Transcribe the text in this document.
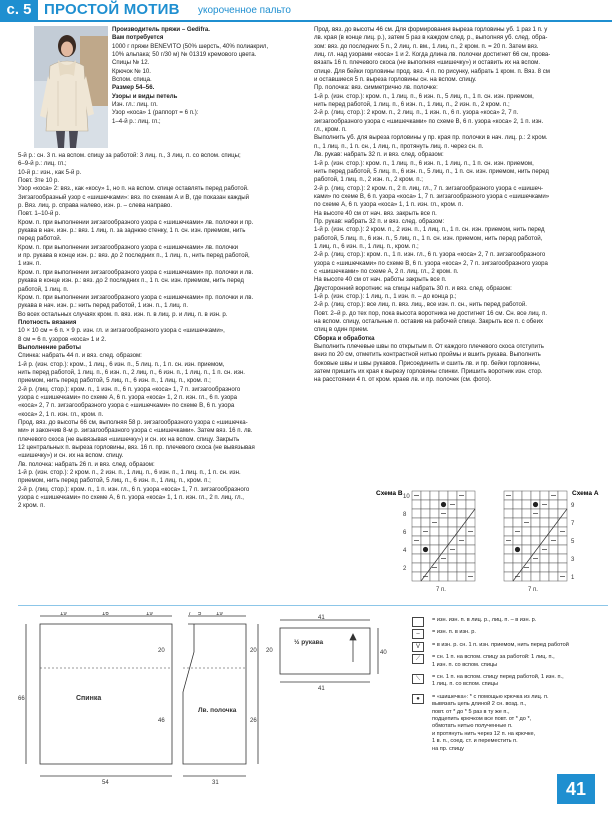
с. 5 ПРОСТОЙ МОТИВ укороченное пальто

Производитель пряжи – Gedifra.

Вам потребуется

1000 г пряжи BENEVITO (50% шерсть, 40% полиакрил,

10% альпака; 50 г/30 м) № 01319 кремового цвета.

Спицы № 12.

Крючок № 10.

Вспом. спица.

Размер 54–56.

Узоры и виды петель

Изн. гл.: лиц. гл.

Узор «коса» 1 (раппорт = 6 п.):

1–4-й р.: лиц. гл.;

5-й р.: сн. 3 п. на вспом. спицу за работой: 3 лиц. п., 3 лиц. п. со вспом. спицы;

6–9-й р.: лиц. гл.;

10-й р.: изн., как 5-й р.

Повт. 3те 10 р.

Узор «коса» 2: вяз., как «косу» 1, но п. на вспом. спице оставлять перед работой.

Зигзагообразный узор с «шишечками»: вяз. по схемам А и В, где показан каждый

р. Вяз. лиц. р. справа налево, изн. р. – слева направо.

Повт. 1–10-й р.

Кром. п. при выполнении зигзагообразного узора с «шишечками» лв. полочки и пр.

рукава в нач. изн. р.: вяз. 1 лиц. п. за заднюю стенку, 1 п. сн. изн. приемом, нить

перед работой.

Кром. п. при выполнении зигзагообразного узора с «шишечками» лв. полочки

и пр. рукава в конце изн. р.: вяз. до 2 последних п., 1 лиц. п., нить перед работой,

1 изн. п.

Кром. п. при выполнении зигзагообразного узора с «шишечками» пр. полочки и лв.

рукава в конце изн. р.: вяз. до 2 последних п., 1 п. сн. изн. приемом, нить перед

работой, 1 лиц. п.

Кром. п. при выполнении зигзагообразного узора с «шишечками» пр. полочки и лв.

рукава в нач. изн. р.: нить перед работой, 1 изн. п., 1 лиц. п.

Во всех остальных случаях кром. п. вяз. изн. п. в лиц. р. и лиц. п. в изн. р.

Плотность вязания

10 × 10 см = 6 п. × 9 р. изн. гл. и зигзагообразного узора с «шишечками»,

8 см = 6 п. узоров «коса» 1 и 2.

Выполнение работы

Спинка: набрать 44 п. и вяз. след. образом:

1-й р. (изн. стор.): кром., 1 лиц., 6 изн. п., 5 лиц. п., 1 п. сн. изн. приемом,

нить перед работой, 1 лиц. п., 6 изн. п., 2 лиц. п., 6 изн. п., 1 лиц. п., 1 п. сн. изн.

приемом, нить перед работой, 5 лиц. п., 6 изн. п., 1 лиц. п., кром. п.;

2-й р. (лиц. стор.): кром. п., 1 изн. п., 6 п. узора «коса» 1, 7 п. зигзагообразного

узора с «шишечками» по схеме А, 6 п. узора «коса» 1, 2 п. изн. гл., 6 п. узора

«коса» 2, 7 п. зигзагообразного узора с «шишечками» по схеме В, 6 п. узора

«коса» 2, 1 п. изн. гл., кром. п.

Прод. вяз. до высоты 66 см, выполняя 58 р. зигзагообразного узора с «шишечка-

ми» и закончив 8-м р. зигзагообразного узора с «шишечками». Затем вяз. 16 п. лв.

плечевого скоса (не вывязывая «шишечку») и сн. их на вспом. спицу. Закрыть

12 центральных п. выреза горловины, вяз. 16 п. пр. плечевого скоса (не вывязывая

«шишечку») и сн. их на вспом. спицу.

Лв. полочка: набрать 26 п. и вяз. след. образом:

1-й р. (изн. стор.): 2 кром. п., 2 изн. п., 1 лиц. п., 6 изн. п., 1 лиц. п., 1 п. сн. изн.

приемом, нить перед работой, 5 лиц. п., 6 изн. п., 1 лиц. п., кром. п.;

2-й р. (лиц. стор.): кром. п., 1 п. изн. гл., 6 п. узора «коса» 1, 7 п. зигзагообразного

узора с «шишечками» по схеме А, 6 п. узора «коса» 1, 1 п. изн. гл., 2 п. лиц. гл.,

2 кром. п.

Прод. вяз. до высоты 46 см. Для формирования выреза горловины уб. 1 раз 1 п. у

лв. края (в конце лиц. р.), затем 5 раз в каждом след. р., выполняя уб. след. обра-

зом: вяз. до последних 5 п., 2 лиц. п. вм., 1 лиц. п., 2 кром. п. = 20 п. Затем вяз.

лиц. гл. над узорами «коса» 1 и 2. Когда длина лв. полочки достигнет 66 см, прова-

вязать 16 п. плечевого скоса (не выполняя «шишечку») и оставить их на вспом.

спице. Для бейки горловины прод. вяз. 4 п. по рисунку, набрать 1 кром. п. Вяз. 8 см

и оставшиеся 5 п. выреза горловины сн. на вспом. спицу.

Пр. полочка: вяз. симметрично лв. полочке:

1-й р. (изн. стор.): кром. п., 1 лиц. п., 6 изн. п., 5 лиц. п., 1 п. сн. изн. приемом,

нить перед работой, 1 лиц. п., 6 изн. п., 1 лиц. п., 2 изн. п., 2 кром. п.;

2-й р. (лиц. стор.): 2 кром. п., 2 лиц. п., 1 изн. п., 6 п. узора «коса» 2, 7 п.

зигзагообразного узора с «шишечками» по схеме В, 6 п. узора «коса» 2, 1 п. изн.

гл., кром. п.

Выполнить уб. для выреза горловины у пр. края пр. полочки в нач. лиц. р.: 2 кром.

п., 1 лиц. п., 1 п. сн., 1 лиц. п., протянуть лиц. п. через сн. п.

Лв. рукав: набрать 32 п. и вяз. след. образом:

1-й р. (изн. стор.): кром. п., 1 лиц. п., 6 изн. п., 1 лиц. п., 1 п. сн. изн. приемом,

нить перед работой, 5 лиц. п., 6 изн. п., 5 лиц. п., 1 п. сн. изн. приемом, нить перед

работой, 1 лиц. п., 2 изн. п., 2 кром. п.;

2-й р. (лиц. стор.): 2 кром. п., 2 п. лиц. гл., 7 п. зигзагообразного узора с «шишеч-

ками» по схеме В, 6 п. узора «коса» 1, 7 п. зигзагообразного узора с «шишечками»

по схеме А, 6 п. узора «коса» 1, 1 п. изн. гл., кром. п.

На высоте 40 см от нач. вяз. закрыть все п.

Пр. рукав: набрать 32 п. и вяз. след. образом:

1-й р. (изн. стор.): 2 кром. п., 2 изн. п., 1 лиц. п., 1 п. сн. изн. приемом, нить перед

работой, 5 лиц. п., 6 изн. п., 5 лиц. п., 1 п. сн. изн. приемом, нить перед работой,

1 лиц. п., 6 изн. п., 1 лиц. п., кром. п.;

2-й р. (лиц. стор.): кром. п., 1 п. изн. гл., 6 п. узора «коса» 2, 7 п. зигзагообразного

узора с «шишечками» по схеме В, 6 п. узора «коса» 2, 7 п. зигзагообразного узора

с «шишечками» по схеме А, 2 п. лиц. гл., 2 кром. п.

На высоте 40 см от нач. работы закрыть все п.

Двусторонний воротник: на спицы набрать 30 п. и вяз. след. образом:

1-й р. (изн. стор.): 1 лиц. п., 1 изн. п. – до конца р.;

2-й р. (лиц. стор.): все лиц. п. вяз. лиц., все изн. п. сн., нить перед работой.

Повт. 2–й р. до тех пор, пока высота воротника не достигнет 16 см. Сн. все лиц. п.

на вспом. спицу, остальные п. оставив на рабочей спице. Закрыть все п. с обеих

спиц в один прием.

Сборка и обработка

Выполнить плечевые швы по открытым п. От каждого плечевого скоса отступить

вниз по 20 см, отметить контрастной нитью проймы и вшить рукава. Выполнить

боковые швы и швы рукавов. Присоединить и сшить лв. и пр. бейки горловины,

затем пришить их края к вырезу горловины спинки. Пришить воротник изн. стор.

на расстоянии 4 п. от кром. краев лв. и пр. полочек (см. фото).

Схема В	Схема А
10
8
6
4
2
7 п.
9
7
5
3
1
7 п.
19	16	19
54
66	Спинка
20
46
7 5 19
31
Лв. полочка
20
26
41
41
½ рукава
40
20
= изн. изн. п. в лиц. р., лиц. п. – в изн. р.
–	= изн. п. в изн. р.
V	= в изн. р. сн. 1 п. изн. приемом, нить перед работой
⟋	= сн. 1 п. на вспом. спицу за работой: 1 лиц. п.,
1 изн. п. со вспом. спицы
⟍	= сн. 1 п. на вспом. спицу перед работой, 1 изн. п.,
1 лиц. п. со вспом. спицы
●	= «шишечка»: * с помощью крючка из лиц. п.
вывязать цепь длиной 2 сн. возд. п.,
повт. от * до * 5 раз в ту же п.,
подцепить крючком все повт. от * до *,
обмотать нитью полученные п.
и протянуть нить через 12 п. на крючке,
1 в. п., соед. ст. и переместить п.
на пр. спицу
41
